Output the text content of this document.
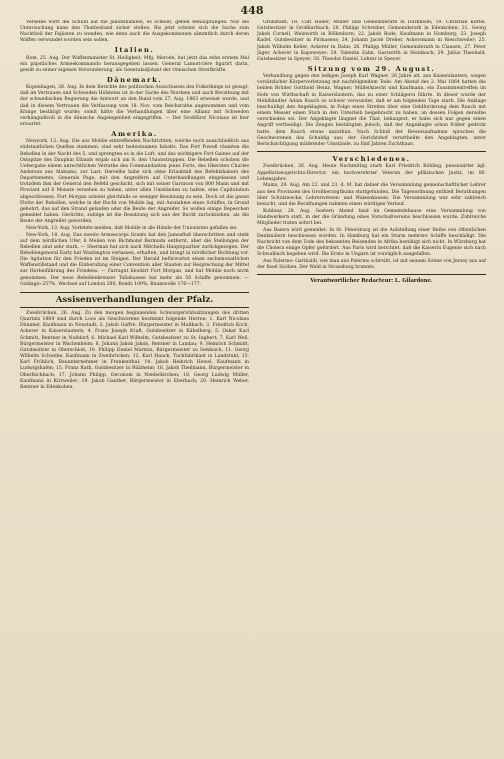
448

Verselbe wirft die Schuld auf die Jakobsbanden, es scheint, geben Behauptungen. Nur die Untersuchung kann den Thatbestand sicher stellen. Bis jetzt scheint sich die Sache zum Nachtheil der Fajiisten zu wenden, wie denn auch die Ausgekommenen sämmtlich durch deren Waffen verwundet worden sein sollen.

Italien.

Rom, 25. Aug. Der Waffenminister St. Heiligkeit, Mfg. Merode, hat jetzt das zehn erstem Mal ein päpstliches Armeekommando herausgegeben lassen. General Lamoricière figurirt darin, gewiß zu seiner eigenen Verwunderung, als Generaladjutant der römischen Streitkräfte.

Dänemark.

Kopenhagen, 28. Aug. In dem Berichte des politischen Ausschusses des Folkethings ist gesagt, daß im Vertrauen und Schweden Hölsteins ist in der Sache des Nordens und nach Berathung mit der schwedischen Regierung die Antwort an den Bund vom 27. Aug. 1863 erweiset wurde, und daß in diesem Vertrauen die Verfassung vom 18. Nov. vom Reichsrathe angenommen und vom Könige bestätigt wurde; somit hätte die Verhandlungen über eine Allianz mit Schweden verhängnißvoll in die dänische Angelegenheit eingegriffen. — Der Großfürst Nicolaus ist hier erwartet.

Amerika.

Newyork, 12. Aug. Die aus Mobile eintreffenden Nachrichten, welche noch ausschließlich aus südstaatlichen Quellen stammen, sind sehr bedeutsamen Inhalts. Das Fort Powell räumten die Rebellen in der Nacht des 5. und sprengten es in die Luft, und das wichtigere Fort Gaines auf der Ostspitze des Dauphin Eilands ergab sich am 8. den Unionstruppen. Die Rebellen schoben die Uebergabe einem unrechtlichen Verrathe des Commandanten jenes Forts, des Obersten Charles Anderson aus Alabama, zur Last. Derselbe habe sich ohne Erlaubniß des Befehlshabers des Departements, Generals Page, mit den Angreifern auf Unterhandlungen eingelassen und trotzdem ihm der General den Befehl geschickt, sich mit seiner Garnison von 800 Mann und mit Proviant auf 6 Monate versehen zu haben, unter allen Umständen zu halten, eine Capitulation abgeschlossen. Fort Morgan scheint gleichfalls so weniger Besatzung zu sein. Doch ist die ganze Flotte der Rebellen, welche in der Bucht von Mobile lag, mit Ausnahme eines Schiffes, in Grund gebohrt, das auf den Strand gelaufen oder die Beute der Angreifer. So wollen einige Depeschen gemeldet haben. Gerüchte, zufolge ist die Besatzung sich aus der Bucht zurückziehen, als die Beute der Angreifer geworden.

New-York, 13. Aug. Vorletzte melden, daß Mobile in die Hände der Unionisten gefallen sei.

New-York, 18. Aug. Das zweite Armeecorps Grants hat den Jamesfluß überschritten und steht auf dem nördlichen Ufer, 6 Meilen von Richmond Bermuda entfernt, aber die Stellungen der Rebellen sind sehr stark. — Sherman hat sich nach Mitchells Hauptquartier zurückgezogen. Der Rebellengeneral Early hat Washington verlassen, erhalten, und bringt in nördlicher Richtung vor. Die Agitation für den Frieden ist im Steigen. Der Herald befürwortet einen sechsmonatlichen Waffenstillstand und die Einberufung einer Convention aller Staaten zur Besprechung der Mittel zur Herbeiführung des Friedens. — Farragut blockirt Fort Morgan, und hat Mobile noch nicht genommen. Der neue Rebellenkreuzer Tallahassee hat mehr als 50 Schiffe genommen. — Goldagio 257%, Wechsel auf London 280, Bonds 109%, Baumwolle 176—177.

Assisenverhandlungen der Pfalz.

Zweibrücken, 26. Aug. Zu den morgen beginnenden Schwurgerichtssitzungen des dritten Quartals 1864 sind durch Loos als Geschworene bestimmt folgende Herren: 1. Karl Nicolaus Dümmel, Kaufmann in Neustadt; 2. Jakob Gaffre, Bürgermeister in Mußbach; 3. Friedrich Koch, Ackerer in Kaiserslautern; 4. Franz Joseph Kraft, Gutsbesitzer in Kübelberg; 5. Oskar Karl Schmitt, Rentner in Nußdorf; 6. Michael Karl Wilhelm, Gutsbesitzer zu St. Ingbert; 7. Karl Weil, Bürgermeister in Wachenheim; 8. Johann Jakob Jakob, Rentner in Landau; 9. Heinrich Schmidt, Gutsbesitzer in Oberschloß; 10. Philipp Daniel Marmin, Bürgermeister zu Sembach; 11. Georg Wilhelm Schwebe, Kaufmann in Zweibrücken; 12. Karl Hauck, Tuchfabrikant in Landstuhl; 13. Karl Fröhlich, Bauunternehmer in Frankenthal; 14. Jakob Heinrich Hewel, Kaufmann in Ludwigshafen; 15. Franz Rath, Gutsbesitzer in Rülzheim; 16. Jakob Theilmann, Bürgermeister in Oberfischbach; 17. Johann Philipp, Oeconom in Niederkirchen; 18. Georg Ludwig Müller, Kaufmann in Kirrweiler; 19. Jakob Ganther, Bürgermeister in Eberbach; 20. Heinrich Weber, Rentner in Edenkoben.

Grünstadt; 18. Carl Haller, Müller und Gemeinderath in Dürkheim; 19. Christian Kettle, Gutsbesitzer in Großkarlbach; 20. Philipp Schreiber, Gemeinderath in Edenkoben; 21. Georg Jakob Cornell, Weinwirth in Böllenborn; 22. Jakob Bode, Kaufmann in Homburg; 23. Joseph Kadel, Gutsbesitzer in Pirmasens; 24. Johann Jacob Dreher, Ackersmann in Rieschweiler; 25. Jakob Wilhelm Keller, Ackerer in Dahn; 26. Philipp Müller, Gemeinderath in Clausen; 27. Peter Jäger, Ackerer in Kapsweyer; 28. Valentin Zahn, Gastwirth in Steinbach; 29. Julius Theobald, Gutsbesitzer in Speyer; 30. Theodor Daniel, Lehrer in Speyer.

Sitzung vom 29. August.

Verhandlung gegen den ledigen Joseph Karl Wagner, 26 Jahre alt, aus Kaiserslautern, wegen vorsätzlicher Körperverletzung mit nachfolgendem Tode. Am Abend des 2. Mai 1864 hatten die beiden Brüder Gotthold Heinz, Wagner, Müllerknecht und Kaufmann, ein Zusammentreffen im Hofe von Wirthschaft in Kaiserslautern, das zu einer Schlägerei führte. In dieser wurde der Mehlhändler Adam Rauch so schwer verwundet, daß er am folgenden Tage starb. Die Anklage beschuldigt den Angeklagten, in Folge eines Streites über eine Geldforderung dem Rauch mit einem Messer einen Stich in den Unterleib beigebracht zu haben, an dessen Folgen derselbe verschieden sei. Der Angeklagte läugnet die That, behauptet, er habe sich nur gegen einen Angriff vertheidigt. Die Zeugen bestätigten jedoch, daß der Angeklagte schon früher gedroht hatte, dem Rauch etwas anzuthun. Nach Schluß der Beweisaufnahme sprachen die Geschworenen das Schuldig aus; der Gerichtshof verurtheilte den Angeklagten, unter Berücksichtigung mildernder Umstände, zu fünf Jahren Zuchthaus.

Verschiedenes.

Zweibrücken, 26. Aug. Heute Nachmittag starb Karl Friedrich Böhling, pensionirter kgl. Appellationsgerichts-Director, ein hochverehrter Veteran der pfälzischen Justiz, im 80. Lebensjahre.

Mainz, 29. Aug. Am 22. und 23. d. M. hat dahier die Versammlung gemeinschaftlicher Lehrer aus den Provinzen des Großherzogthums stattgefunden. Die Tagesordnung enthielt Berathungen über Schulzwecke, Lehrerwitwen- und Waisenkassen. Die Versammlung war sehr zahlreich besucht, und die Berathungen nahmen einen würdigen Verlauf.

Koblenz, 28. Aug. Gestern Abend fand im Gemeindehause eine Versammlung von Handwerkern statt, in der die Gründung eines Vorschußvereins beschlossen wurde. Zahlreiche Mitglieder traten sofort bei.

Aus Baiern wird gemeldet: In St. Petersburg ist die Aufstellung einer Reihe von öffentlichen Denkmälern beschlossen worden. In Hamburg hat ein Sturm mehrere Schiffe beschädigt. Die Nachricht von dem Tode des bekannten Reisenden in Afrika bestätigt sich nicht. In Würzburg hat die Cholera einige Opfer gefordert. Aus Paris wird berichtet, daß die Kaiserin Eugenie sich nach Schwalbach begeben wird. Die Ernte in Ungarn ist vorzüglich ausgefallen.

Aus Palermo: Garibaldi, wie man aus Palermo schreibt, ist mit seinem Sohne von Jersey aus auf der Insel Sicilien. Der Wald in Strassburg brannte.

Verantwortlicher Redacteur: L. Gilardone.
